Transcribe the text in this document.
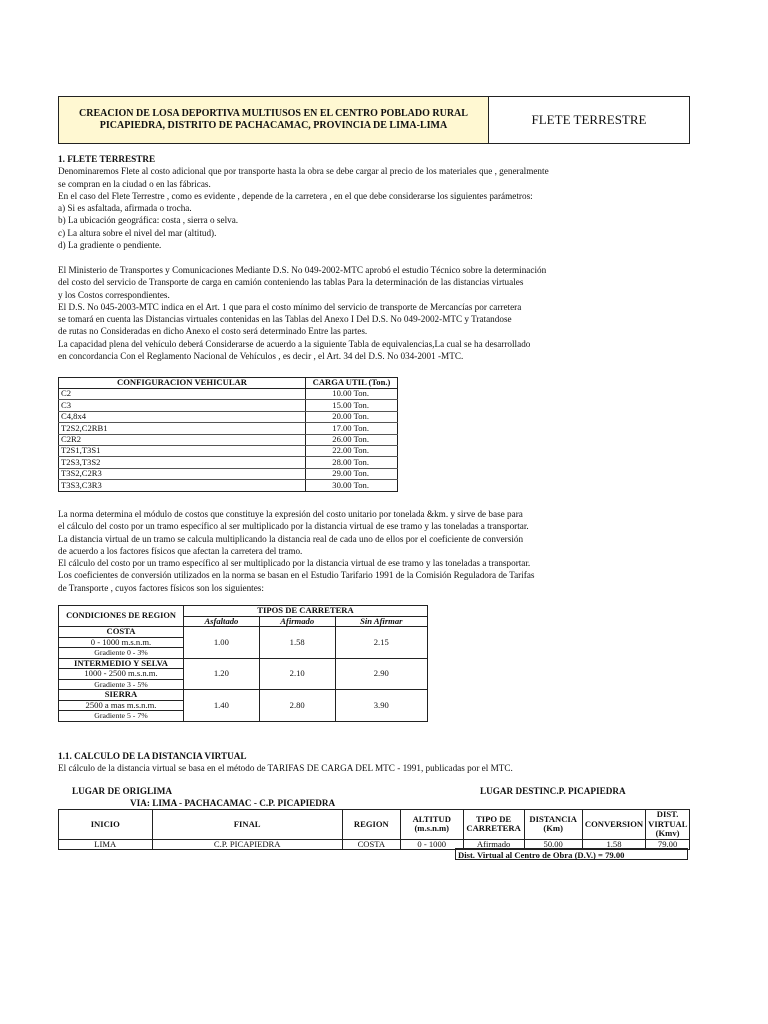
CREACION DE LOSA DEPORTIVA MULTIUSOS EN EL CENTRO POBLADO RURAL
PICAPIEDRA, DISTRITO DE PACHACAMAC, PROVINCIA DE LIMA-LIMA	FLETE TERRESTRE
1. FLETE TERRESTRE
Denominaremos Flete al costo adicional que por transporte hasta la obra se debe cargar al precio de los materiales que , generalmente
se compran en la ciudad o en las fábricas.
En el caso del Flete Terrestre , como es evidente , depende de la carretera , en el que debe considerarse los siguientes parámetros:
a) Si es asfaltada, afirmada o trocha.
b) La ubicación geográfica: costa , sierra o selva.
c) La altura sobre el nivel del mar (altitud).
d) La gradiente o pendiente.
El Ministerio de Transportes y Comunicaciones Mediante D.S. No 049-2002-MTC aprobó el estudio Técnico sobre la determinación
del costo del servicio de Transporte de carga en camión conteniendo las tablas Para la determinación de las distancias virtuales
y los Costos correspondientes.
El D.S. No 045-2003-MTC indica en el Art. 1 que para el costo mínimo del servicio de transporte de Mercancías por carretera
se tomará en cuenta las Distancias virtuales contenidas en las Tablas del Anexo I Del D.S. No 049-2002-MTC y Tratandose
de rutas no Consideradas en dicho Anexo el costo será determinado Entre las partes.
La capacidad plena del vehículo deberá Considerarse de acuerdo a la siguiente Tabla de equivalencias,La cual se ha desarrollado
en concordancia Con el Reglamento Nacional de Vehículos , es decir , el Art. 34 del D.S. No 034-2001 -MTC.
CONFIGURACION VEHICULAR	CARGA UTIL (Ton.)
C2	10.00 Ton.
C3	15.00 Ton.
C4,8x4	20.00 Ton.
T2S2,C2RB1	17.00 Ton.
C2R2	26.00 Ton.
T2S1,T3S1	22.00 Ton.
T2S3,T3S2	28.00 Ton.
T3S2,C2R3	29.00 Ton.
T3S3,C3R3	30.00 Ton.
La norma determina el módulo de costos que constituye la expresión del costo unitario por tonelada &km. y sirve de base para
el cálculo del costo por un tramo específico al ser multiplicado por la distancia virtual de ese tramo y las toneladas a transportar.
La distancia virtual de un tramo se calcula multiplicando la distancia real de cada uno de ellos por el coeficiente de conversión
de acuerdo a los factores físicos que afectan la carretera del tramo.
El cálculo del costo por un tramo específico al ser multiplicado por la distancia virtual de ese tramo y las toneladas a transportar.
Los coeficientes de conversión utilizados en la norma se basan en el Estudio Tarifario 1991 de la Comisión Reguladora de Tarifas
de Transporte , cuyos factores físicos son los siguientes:
CONDICIONES DE REGION	TIPOS DE CARRETERA		
	Asfaltado	Afirmado	Sin Afirmar
COSTA	1.00	1.58	2.15
0 - 1000 m.s.n.m.			
Gradiente 0 - 3%			
INTERMEDIO Y SELVA	1.20	2.10	2.90
1000 - 2500 m.s.n.m.			
Gradiente 3 - 5%			
SIERRA	1.40	2.80	3.90
2500 a mas m.s.n.m.			
Gradiente 5 - 7%			
1.1. CALCULO DE LA DISTANCIA VIRTUAL
El cálculo de la distancia virtual se basa en el método de TARIFAS DE CARGA DEL MTC - 1991, publicadas por el MTC.
LUGAR DE ORIGLIMA	LUGAR DESTINC.P. PICAPIEDRA
VIA: LIMA - PACHACAMAC - C.P. PICAPIEDRA
INICIO	FINAL	REGION	ALTITUD (m.s.n.m)	TIPO DE CARRETERA	DISTANCIA (Km)	CONVERSION	DIST. VIRTUAL (Kmv)
LIMA	C.P. PICAPIEDRA	COSTA	0 - 1000	Afirmado	50.00	1.58	79.00
Dist. Virtual al Centro de Obra (D.V.) = 79.00
